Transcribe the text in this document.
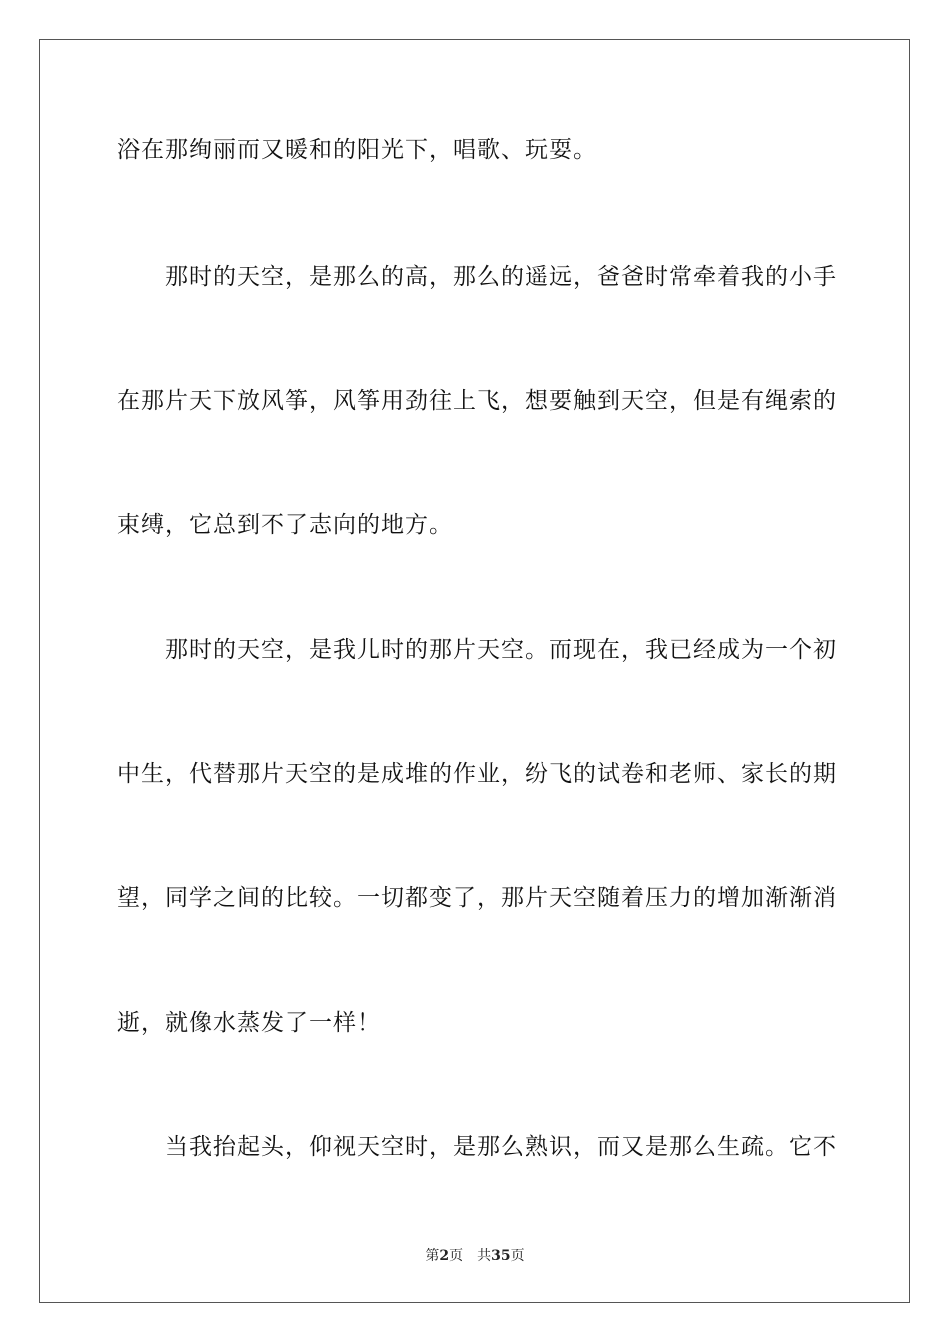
浴在那绚丽而又暖和的阳光下，唱歌、玩耍。
　　那时的天空，是那么的高，那么的遥远，爸爸时常牵着我的小手
在那片天下放风筝，风筝用劲往上飞，想要触到天空，但是有绳索的
束缚，它总到不了志向的地方。
　　那时的天空，是我儿时的那片天空。而现在，我已经成为一个初
中生，代替那片天空的是成堆的作业，纷飞的试卷和老师、家长的期
望，同学之间的比较。一切都变了，那片天空随着压力的增加渐渐消
逝，就像水蒸发了一样！
　　当我抬起头，仰视天空时，是那么熟识，而又是那么生疏。它不
第2页 共35页
